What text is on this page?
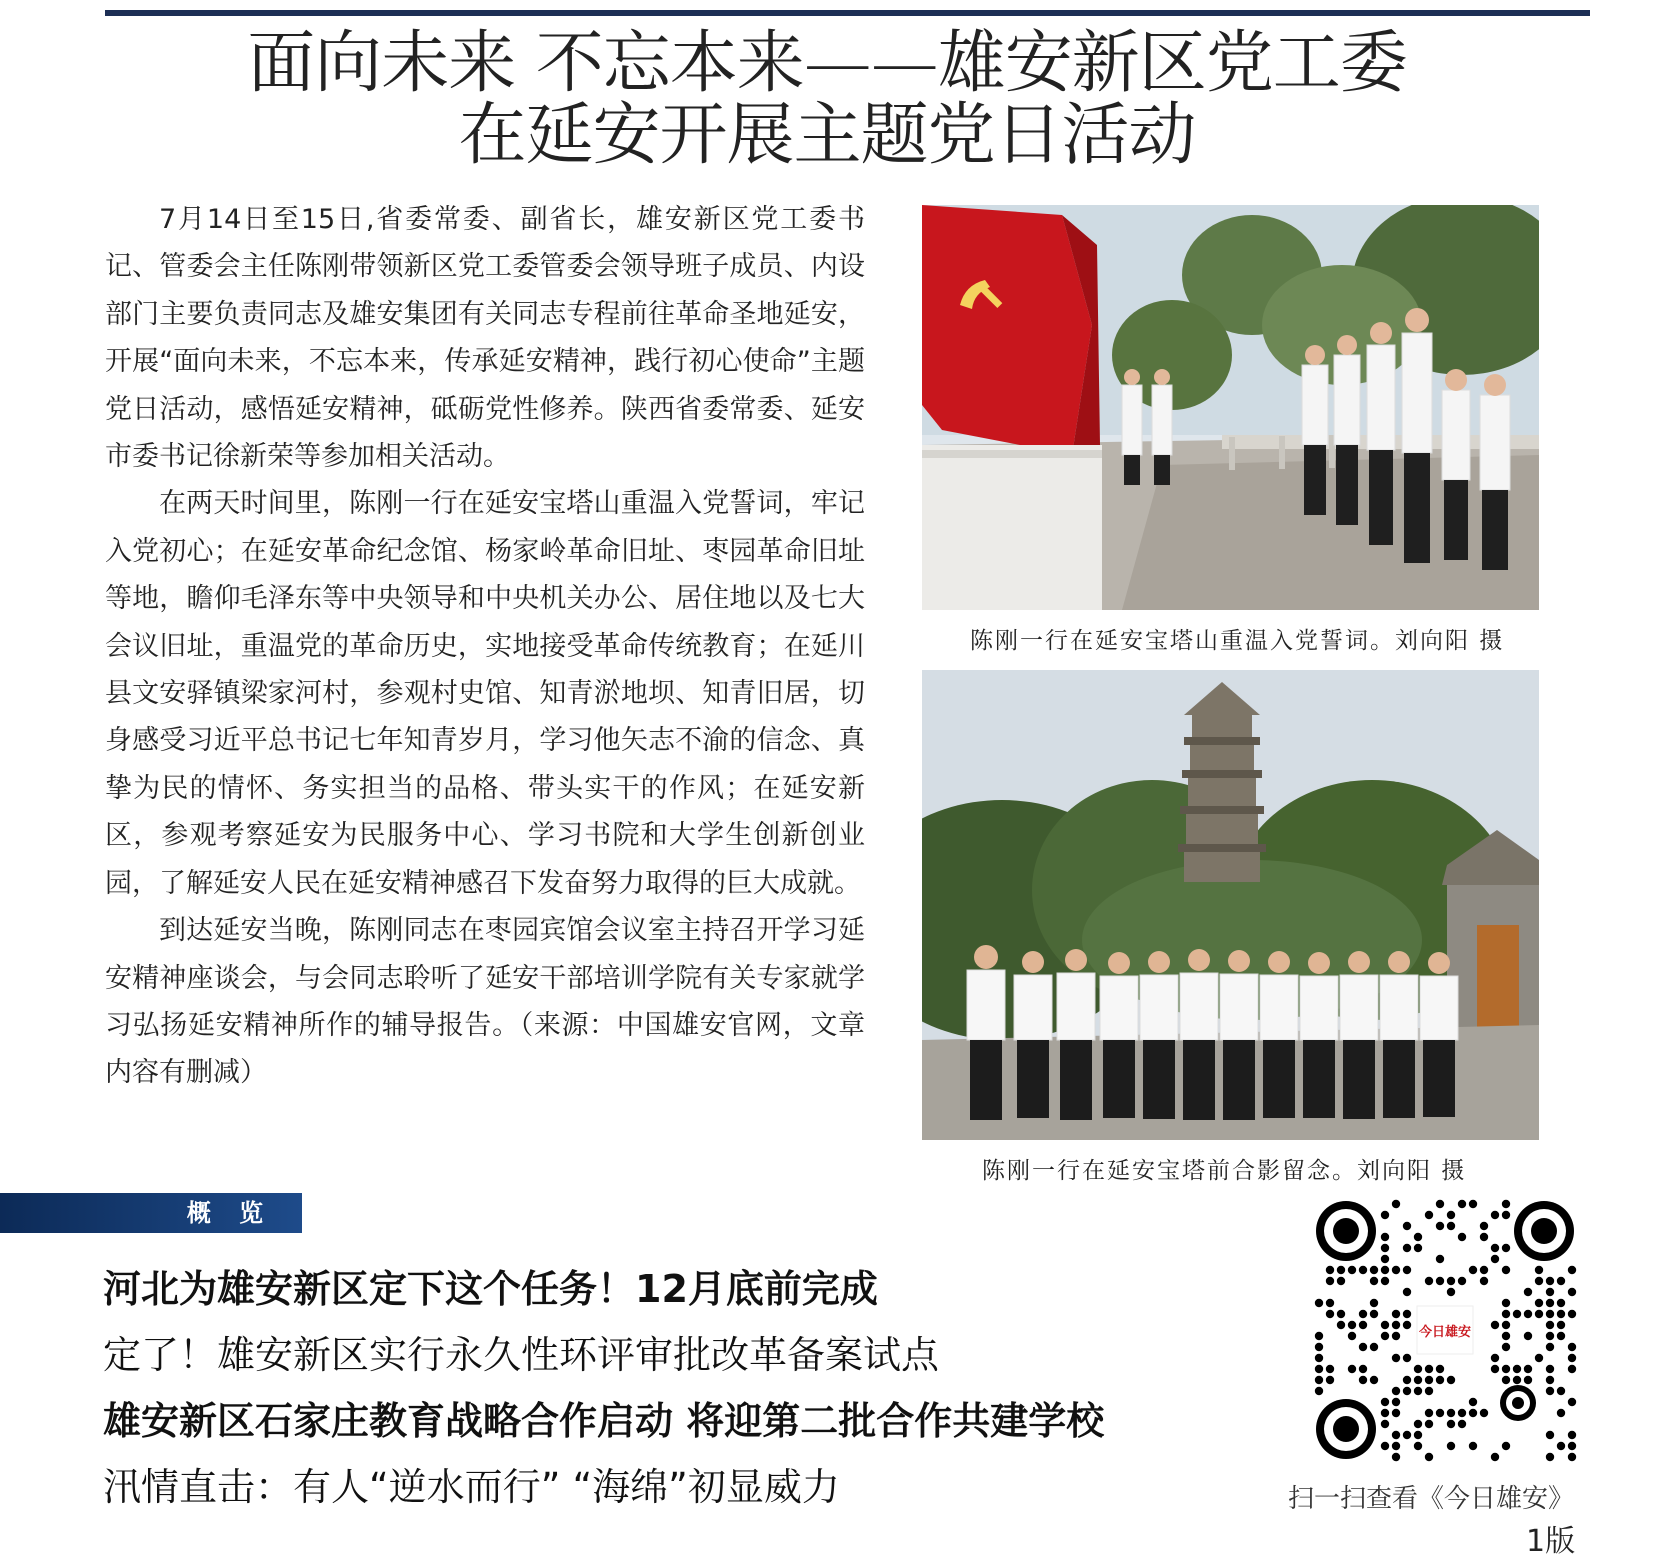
面向未来 不忘本来——雄安新区党工委
在延安开展主题党日活动

7月14日至15日,省委常委、副省长，雄安新区党工委书记、管委会主任陈刚带领新区党工委管委会领导班子成员、内设部门主要负责同志及雄安集团有关同志专程前往革命圣地延安，开展“面向未来，不忘本来，传承延安精神，践行初心使命”主题党日活动，感悟延安精神，砥砺党性修养。陕西省委常委、延安市委书记徐新荣等参加相关活动。

在两天时间里，陈刚一行在延安宝塔山重温入党誓词，牢记入党初心；在延安革命纪念馆、杨家岭革命旧址、枣园革命旧址等地，瞻仰毛泽东等中央领导和中央机关办公、居住地以及七大会议旧址，重温党的革命历史，实地接受革命传统教育；在延川县文安驿镇梁家河村，参观村史馆、知青淤地坝、知青旧居，切身感受习近平总书记七年知青岁月，学习他矢志不渝的信念、真挚为民的情怀、务实担当的品格、带头实干的作风；在延安新区，参观考察延安为民服务中心、学习书院和大学生创新创业园，了解延安人民在延安精神感召下发奋努力取得的巨大成就。

到达延安当晚，陈刚同志在枣园宾馆会议室主持召开学习延安精神座谈会，与会同志聆听了延安干部培训学院有关专家就学习弘扬延安精神所作的辅导报告。（来源：中国雄安官网，文章内容有删减）

陈刚一行在延安宝塔山重温入党誓词。刘向阳 摄
陈刚一行在延安宝塔前合影留念。刘向阳 摄
概 览
河北为雄安新区定下这个任务！12月底前完成
定了！雄安新区实行永久性环评审批改革备案试点
雄安新区石家庄教育战略合作启动 将迎第二批合作共建学校
汛情直击：有人“逆水而行” “海绵”初显威力
今日雄安
扫一扫查看《今日雄安》
1版
